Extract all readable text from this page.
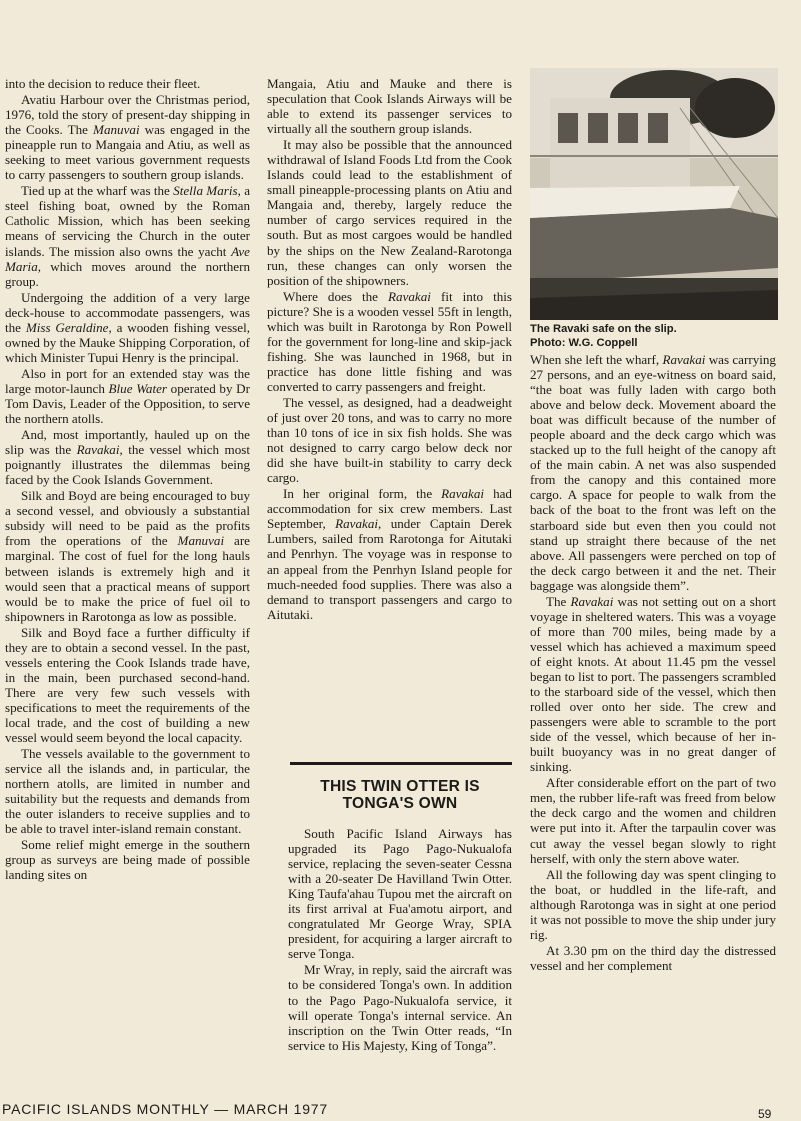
into the decision to reduce their fleet.

Avatiu Harbour over the Christmas period, 1976, told the story of present-day shipping in the Cooks. The Manuvai was engaged in the pineapple run to Mangaia and Atiu, as well as seeking to meet various government requests to carry passengers to southern group islands.

Tied up at the wharf was the Stella Maris, a steel fishing boat, owned by the Roman Catholic Mission, which has been seeking means of servicing the Church in the outer islands. The mission also owns the yacht Ave Maria, which moves around the northern group.

Undergoing the addition of a very large deck-house to accommodate passengers, was the Miss Geraldine, a wooden fishing vessel, owned by the Mauke Shipping Corporation, of which Minister Tupui Henry is the principal.

Also in port for an extended stay was the large motor-launch Blue Water operated by Dr Tom Davis, Leader of the Opposition, to serve the northern atolls.

And, most importantly, hauled up on the slip was the Ravakai, the vessel which most poignantly illustrates the dilemmas being faced by the Cook Islands Government.

Silk and Boyd are being encouraged to buy a second vessel, and obviously a substantial subsidy will need to be paid as the profits from the operations of the Manuvai are marginal. The cost of fuel for the long hauls between islands is extremely high and it would seen that a practical means of support would be to make the price of fuel oil to shipowners in Rarotonga as low as possible.

Silk and Boyd face a further difficulty if they are to obtain a second vessel. In the past, vessels entering the Cook Islands trade have, in the main, been purchased second-hand. There are very few such vessels with specifications to meet the requirements of the local trade, and the cost of building a new vessel would seem beyond the local capacity.

The vessels available to the government to service all the islands and, in particular, the northern atolls, are limited in number and suitability but the requests and demands from the outer islanders to receive supplies and to be able to travel inter-island remain constant.

Some relief might emerge in the southern group as surveys are being made of possible landing sites on

Mangaia, Atiu and Mauke and there is speculation that Cook Islands Airways will be able to extend its passenger services to virtually all the southern group islands.

It may also be possible that the announced withdrawal of Island Foods Ltd from the Cook Islands could lead to the establishment of small pineapple-processing plants on Atiu and Mangaia and, thereby, largely reduce the number of cargo services required in the south. But as most cargoes would be handled by the ships on the New Zealand-Rarotonga run, these changes can only worsen the position of the shipowners.

Where does the Ravakai fit into this picture? She is a wooden vessel 55ft in length, which was built in Rarotonga by Ron Powell for the government for long-line and skip-jack fishing. She was launched in 1968, but in practice has done little fishing and was converted to carry passengers and freight.

The vessel, as designed, had a deadweight of just over 20 tons, and was to carry no more than 10 tons of ice in six fish holds. She was not designed to carry cargo below deck nor did she have built-in stability to carry deck cargo.

In her original form, the Ravakai had accommodation for six crew members. Last September, Ravakai, under Captain Derek Lumbers, sailed from Rarotonga for Aitutaki and Penrhyn. The voyage was in response to an appeal from the Penrhyn Island people for much-needed food supplies. There was also a demand to transport passengers and cargo to Aitutaki.

The Ravaki safe on the slip.
Photo: W.G. Coppell

When she left the wharf, Ravakai was carrying 27 persons, and an eye-witness on board said, “the boat was fully laden with cargo both above and below deck. Movement aboard the boat was difficult because of the number of people aboard and the deck cargo which was stacked up to the full height of the canopy aft of the main cabin. A net was also suspended from the canopy and this contained more cargo. A space for people to walk from the back of the boat to the front was left on the starboard side but even then you could not stand up straight there because of the net above. All passengers were perched on top of the deck cargo between it and the net. Their baggage was alongside them”.

The Ravakai was not setting out on a short voyage in sheltered waters. This was a voyage of more than 700 miles, being made by a vessel which has achieved a maximum speed of eight knots. At about 11.45 pm the vessel began to list to port. The passengers scrambled to the starboard side of the vessel, which then rolled over onto her side. The crew and passengers were able to scramble to the port side of the vessel, which because of her in-built buoyancy was in no great danger of sinking.

After considerable effort on the part of two men, the rubber life-raft was freed from below the deck cargo and the women and children were put into it. After the tarpaulin cover was cut away the vessel began slowly to right herself, with only the stern above water.

All the following day was spent clinging to the boat, or huddled in the life-raft, and although Rarotonga was in sight at one period it was not possible to move the ship under jury rig.

At 3.30 pm on the third day the distressed vessel and her complement

THIS TWIN OTTER IS TONGA'S OWN

South Pacific Island Airways has upgraded its Pago Pago-Nukualofa service, replacing the seven-seater Cessna with a 20-seater De Havilland Twin Otter. King Taufa'ahau Tupou met the aircraft on its first arrival at Fua'amotu airport, and congratulated Mr George Wray, SPIA president, for acquiring a larger aircraft to serve Tonga.

Mr Wray, in reply, said the aircraft was to be considered Tonga's own. In addition to the Pago Pago-Nukualofa service, it will operate Tonga's internal service. An inscription on the Twin Otter reads, “In service to His Majesty, King of Tonga”.

PACIFIC ISLANDS MONTHLY — MARCH 1977	59
